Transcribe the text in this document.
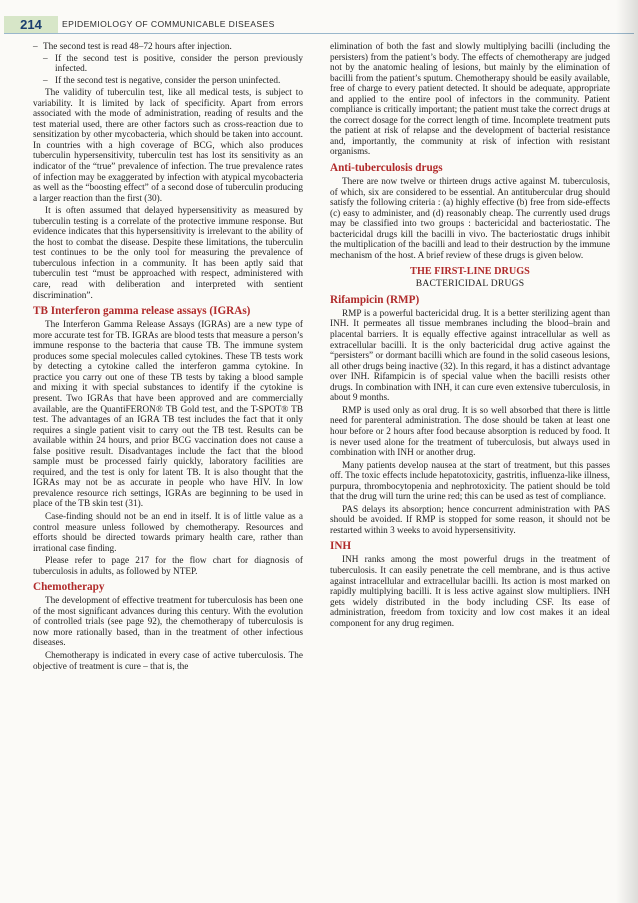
214	EPIDEMIOLOGY OF COMMUNICABLE DISEASES
– The second test is read 48–72 hours after injection.
– If the second test is positive, consider the person previously infected.
– If the second test is negative, consider the person uninfected.

The validity of tuberculin test, like all medical tests, is subject to variability. It is limited by lack of specificity. Apart from errors associated with the mode of administration, reading of results and the test material used, there are other factors such as cross-reaction due to sensitization by other mycobacteria, which should be taken into account. In countries with a high coverage of BCG, which also produces tuberculin hypersensitivity, tuberculin test has lost its sensitivity as an indicator of the “true” prevalence of infection. The true prevalence rates of infection may be exaggerated by infection with atypical mycobacteria as well as the “boosting effect” of a second dose of tuberculin producing a larger reaction than the first (30).

It is often assumed that delayed hypersensitivity as measured by tuberculin testing is a correlate of the protective immune response. But evidence indicates that this hypersensitivity is irrelevant to the ability of the host to combat the disease. Despite these limitations, the tuberculin test continues to be the only tool for measuring the prevalence of tuberculous infection in a community. It has been aptly said that tuberculin test “must be approached with respect, administered with care, read with deliberation and interpreted with sentient discrimination”.

TB Interferon gamma release assays (IGRAs)

The Interferon Gamma Release Assays (IGRAs) are a new type of more accurate test for TB. IGRAs are blood tests that measure a person’s immune response to the bacteria that cause TB. The immune system produces some special molecules called cytokines. These TB tests work by detecting a cytokine called the interferon gamma cytokine. In practice you carry out one of these TB tests by taking a blood sample and mixing it with special substances to identify if the cytokine is present. Two IGRAs that have been approved and are commercially available, are the QuantiFERON® TB Gold test, and the T-SPOT® TB test. The advantages of an IGRA TB test includes the fact that it only requires a single patient visit to carry out the TB test. Results can be available within 24 hours, and prior BCG vaccination does not cause a false positive result. Disadvantages include the fact that the blood sample must be processed fairly quickly, laboratory facilities are required, and the test is only for latent TB. It is also thought that the IGRAs may not be as accurate in people who have HIV. In low prevalence resource rich settings, IGRAs are beginning to be used in place of the TB skin test (31).

Case-finding should not be an end in itself. It is of little value as a control measure unless followed by chemotherapy. Resources and efforts should be directed towards primary health care, rather than irrational case finding.

Please refer to page 217 for the flow chart for diagnosis of tuberculosis in adults, as followed by NTEP.

Chemotherapy

The development of effective treatment for tuberculosis has been one of the most significant advances during this century. With the evolution of controlled trials (see page 92), the chemotherapy of tuberculosis is now more rationally based, than in the treatment of other infectious diseases.

Chemotherapy is indicated in every case of active tuberculosis. The objective of treatment is cure – that is, the

elimination of both the fast and slowly multiplying bacilli (including the persisters) from the patient’s body. The effects of chemotherapy are judged not by the anatomic healing of lesions, but mainly by the elimination of bacilli from the patient’s sputum. Chemotherapy should be easily available, free of charge to every patient detected. It should be adequate, appropriate and applied to the entire pool of infectors in the community. Patient compliance is critically important; the patient must take the correct drugs at the correct dosage for the correct length of time. Incomplete treatment puts the patient at risk of relapse and the development of bacterial resistance and, importantly, the community at risk of infection with resistant organisms.

Anti-tuberculosis drugs

There are now twelve or thirteen drugs active against M. tuberculosis, of which, six are considered to be essential. An antitubercular drug should satisfy the following criteria : (a) highly effective (b) free from side-effects (c) easy to administer, and (d) reasonably cheap. The currently used drugs may be classified into two groups : bactericidal and bacteriostatic. The bactericidal drugs kill the bacilli in vivo. The bacteriostatic drugs inhibit the multiplication of the bacilli and lead to their destruction by the immune mechanism of the host. A brief review of these drugs is given below.

THE FIRST-LINE DRUGS
BACTERICIDAL DRUGS
Rifampicin (RMP)

RMP is a powerful bactericidal drug. It is a better sterilizing agent than INH. It permeates all tissue membranes including the blood–brain and placental barriers. It is equally effective against intracellular as well as extracellular bacilli. It is the only bactericidal drug active against the “persisters” or dormant bacilli which are found in the solid caseous lesions, all other drugs being inactive (32). In this regard, it has a distinct advantage over INH. Rifampicin is of special value when the bacilli resists other drugs. In combination with INH, it can cure even extensive tuberculosis, in about 9 months.

RMP is used only as oral drug. It is so well absorbed that there is little need for parenteral administration. The dose should be taken at least one hour before or 2 hours after food because absorption is reduced by food. It is never used alone for the treatment of tuberculosis, but always used in combination with INH or another drug.

Many patients develop nausea at the start of treatment, but this passes off. The toxic effects include hepatotoxicity, gastritis, influenza-like illness, purpura, thrombocytopenia and nephrotoxicity. The patient should be told that the drug will turn the urine red; this can be used as test of compliance.

PAS delays its absorption; hence concurrent administration with PAS should be avoided. If RMP is stopped for some reason, it should not be restarted within 3 weeks to avoid hypersensitivity.

INH

INH ranks among the most powerful drugs in the treatment of tuberculosis. It can easily penetrate the cell membrane, and is thus active against intracellular and extracellular bacilli. Its action is most marked on rapidly multiplying bacilli. It is less active against slow multipliers. INH gets widely distributed in the body including CSF. Its ease of administration, freedom from toxicity and low cost makes it an ideal component for any drug regimen.
